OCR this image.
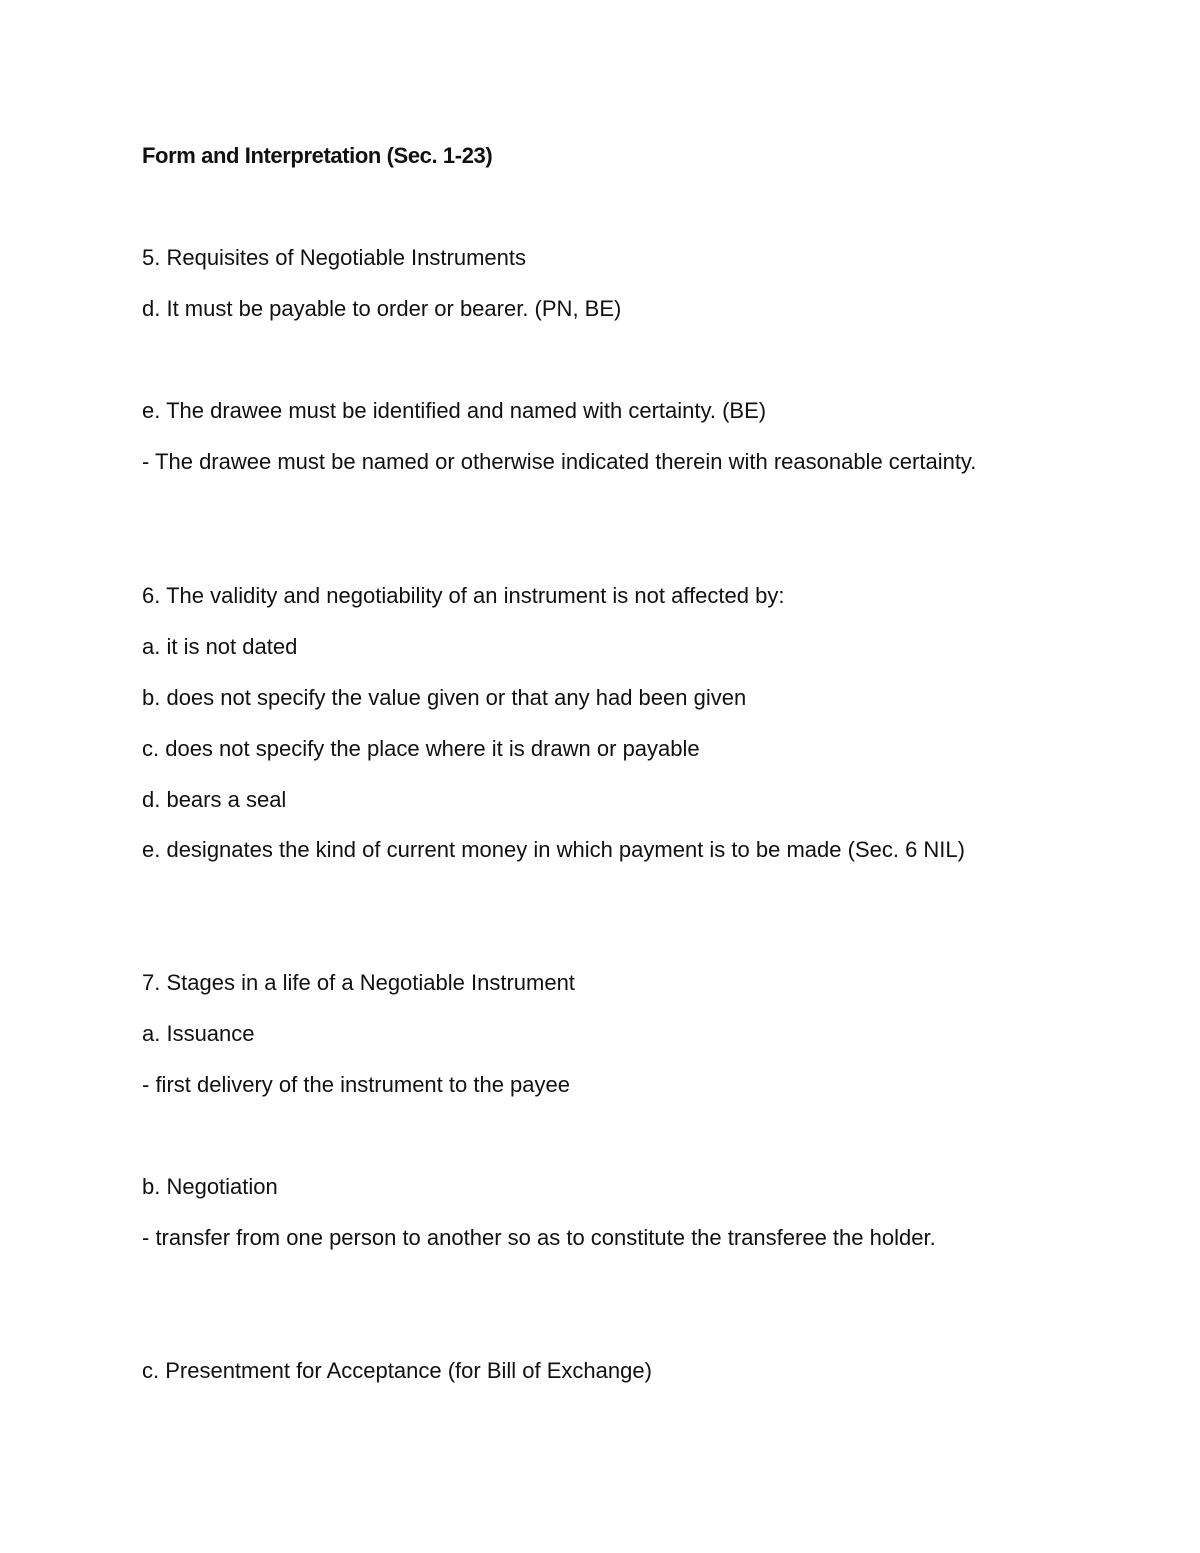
Form and Interpretation (Sec. 1-23)

5. Requisites of Negotiable Instruments

d. It must be payable to order or bearer. (PN, BE)

e. The drawee must be identified and named with certainty. (BE)

- The drawee must be named or otherwise indicated therein with reasonable certainty.

6. The validity and negotiability of an instrument is not affected by:

a. it is not dated

b. does not specify the value given or that any had been given

c. does not specify the place where it is drawn or payable

d. bears a seal

e. designates the kind of current money in which payment is to be made (Sec. 6 NIL)

7. Stages in a life of a Negotiable Instrument

a. Issuance

- first delivery of the instrument to the payee

b. Negotiation

- transfer from one person to another so as to constitute the transferee the holder.

c. Presentment for Acceptance (for Bill of Exchange)
